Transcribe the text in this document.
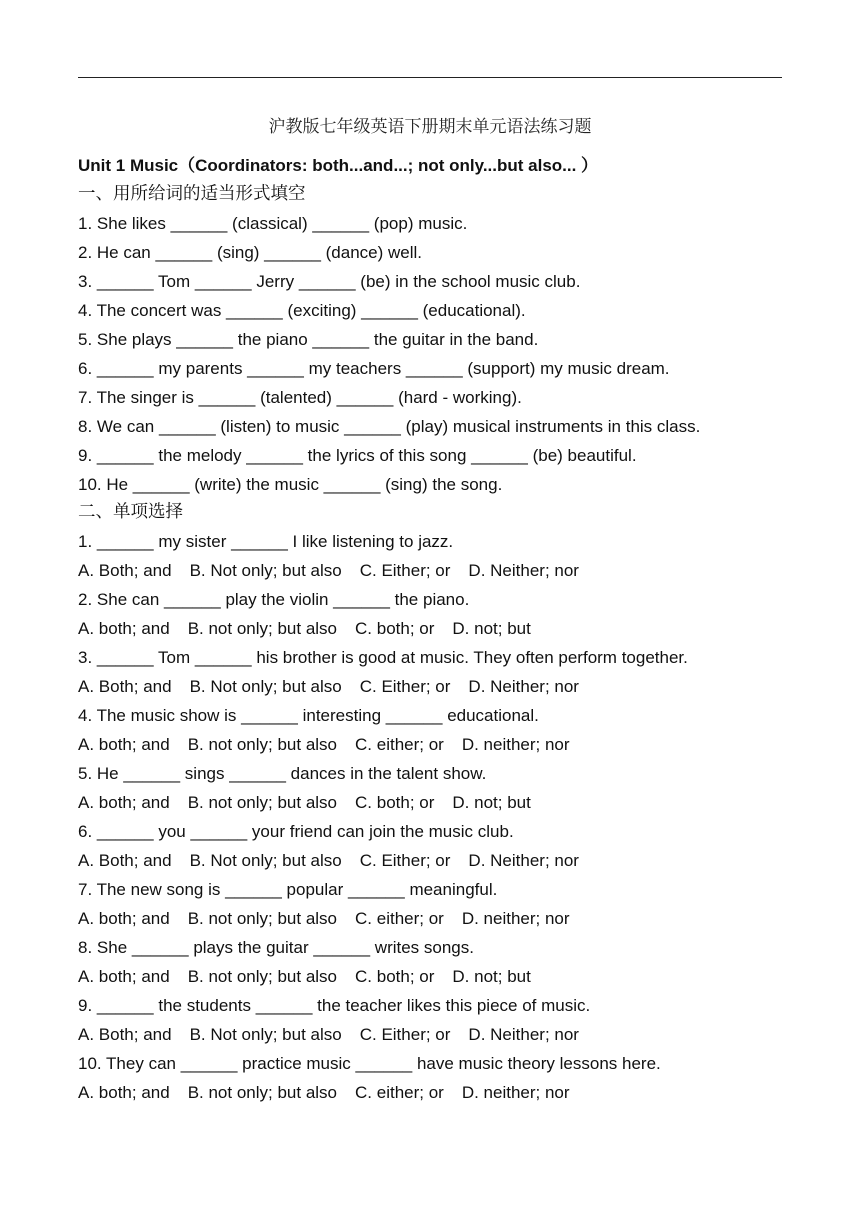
沪教版七年级英语下册期末单元语法练习题
Unit 1 Music（Coordinators: both...and...; not only...but also... ）
一、用所给词的适当形式填空
1. She likes ______ (classical) ______ (pop) music.
2. He can ______ (sing) ______ (dance) well.
3. ______ Tom ______ Jerry ______ (be) in the school music club.
4. The concert was ______ (exciting) ______ (educational).
5. She plays ______ the piano ______ the guitar in the band.
6. ______ my parents ______ my teachers ______ (support) my music dream.
7. The singer is ______ (talented) ______ (hard - working).
8. We can ______ (listen) to music ______ (play) musical instruments in this class.
9. ______ the melody ______ the lyrics of this song ______ (be) beautiful.
10. He ______ (write) the music ______ (sing) the song.
二、单项选择
1. ______ my sister ______ I like listening to jazz.
A. Both; and B. Not only; but also C. Either; or D. Neither; nor
2. She can ______ play the violin ______ the piano.
A. both; and B. not only; but also C. both; or D. not; but
3. ______ Tom ______ his brother is good at music. They often perform together.
A. Both; and B. Not only; but also C. Either; or D. Neither; nor
4. The music show is ______ interesting ______ educational.
A. both; and B. not only; but also C. either; or D. neither; nor
5. He ______ sings ______ dances in the talent show.
A. both; and B. not only; but also C. both; or D. not; but
6. ______ you ______ your friend can join the music club.
A. Both; and B. Not only; but also C. Either; or D. Neither; nor
7. The new song is ______ popular ______ meaningful.
A. both; and B. not only; but also C. either; or D. neither; nor
8. She ______ plays the guitar ______ writes songs.
A. both; and B. not only; but also C. both; or D. not; but
9. ______ the students ______ the teacher likes this piece of music.
A. Both; and B. Not only; but also C. Either; or D. Neither; nor
10. They can ______ practice music ______ have music theory lessons here.
A. both; and B. not only; but also C. either; or D. neither; nor
